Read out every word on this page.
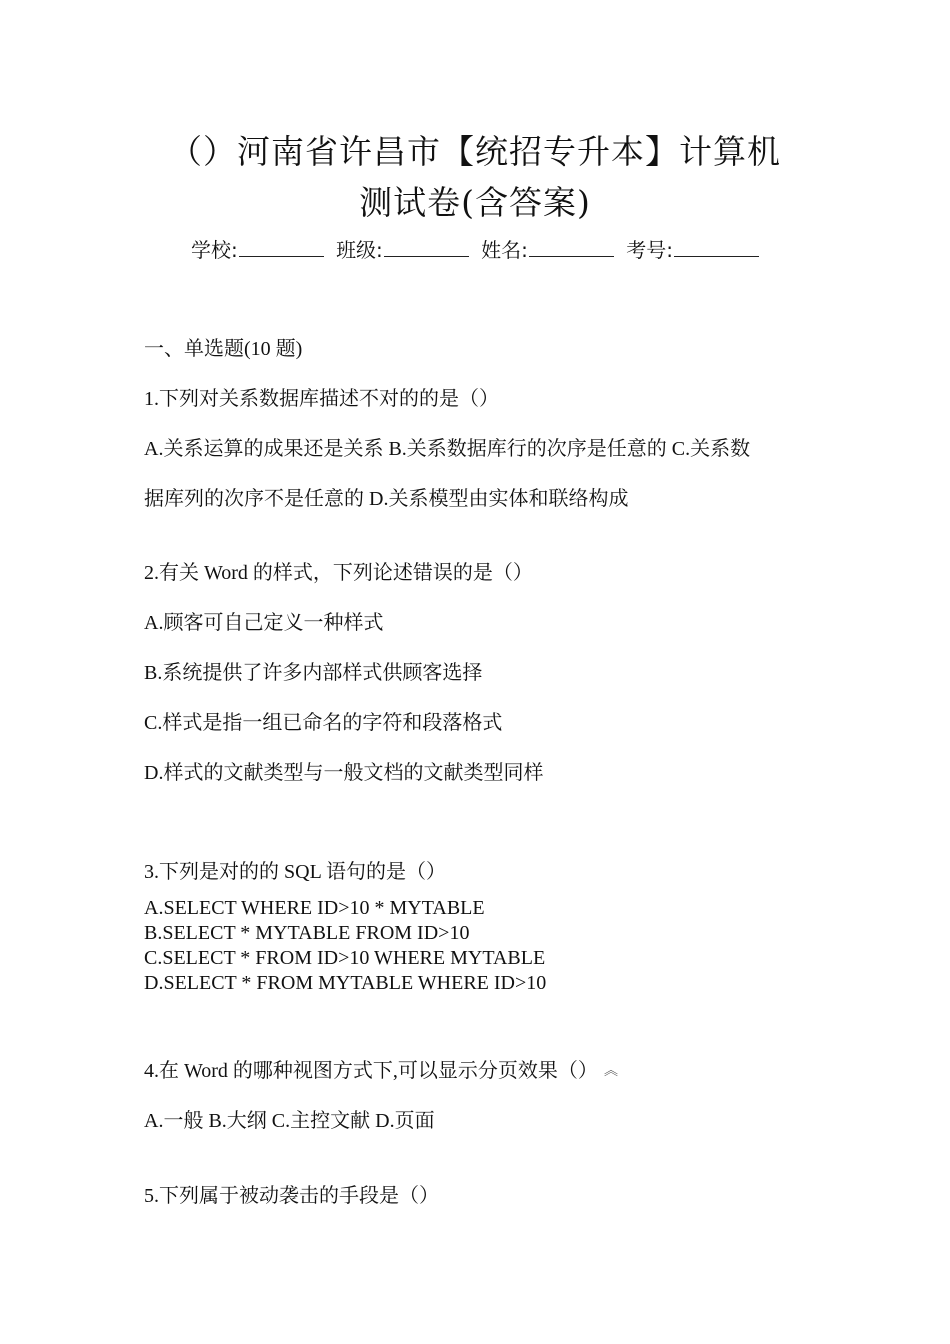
（）河南省许昌市【统招专升本】计算机
测试卷(含答案)
学校:	班级:	姓名:	考号:
一、单选题(10 题)
1.下列对关系数据库描述不对的的是（）
A.关系运算的成果还是关系 B.关系数据库行的次序是任意的 C.关系数
据库列的次序不是任意的 D.关系模型由实体和联络构成
2.有关 Word 的样式，下列论述错误的是（）
A.顾客可自己定义一种样式
B.系统提供了许多内部样式供顾客选择
C.样式是指一组已命名的字符和段落格式
D.样式的文献类型与一般文档的文献类型同样
3.下列是对的的 SQL 语句的是（）
A.SELECT WHERE ID>10 * MYTABLE
B.SELECT * MYTABLE FROM ID>10
C.SELECT * FROM ID>10 WHERE MYTABLE
D.SELECT * FROM MYTABLE WHERE ID>10
4.在 Word 的哪种视图方式下,可以显示分页效果（） ︽
A.一般 B.大纲 C.主控文献 D.页面
5.下列属于被动袭击的手段是（）
